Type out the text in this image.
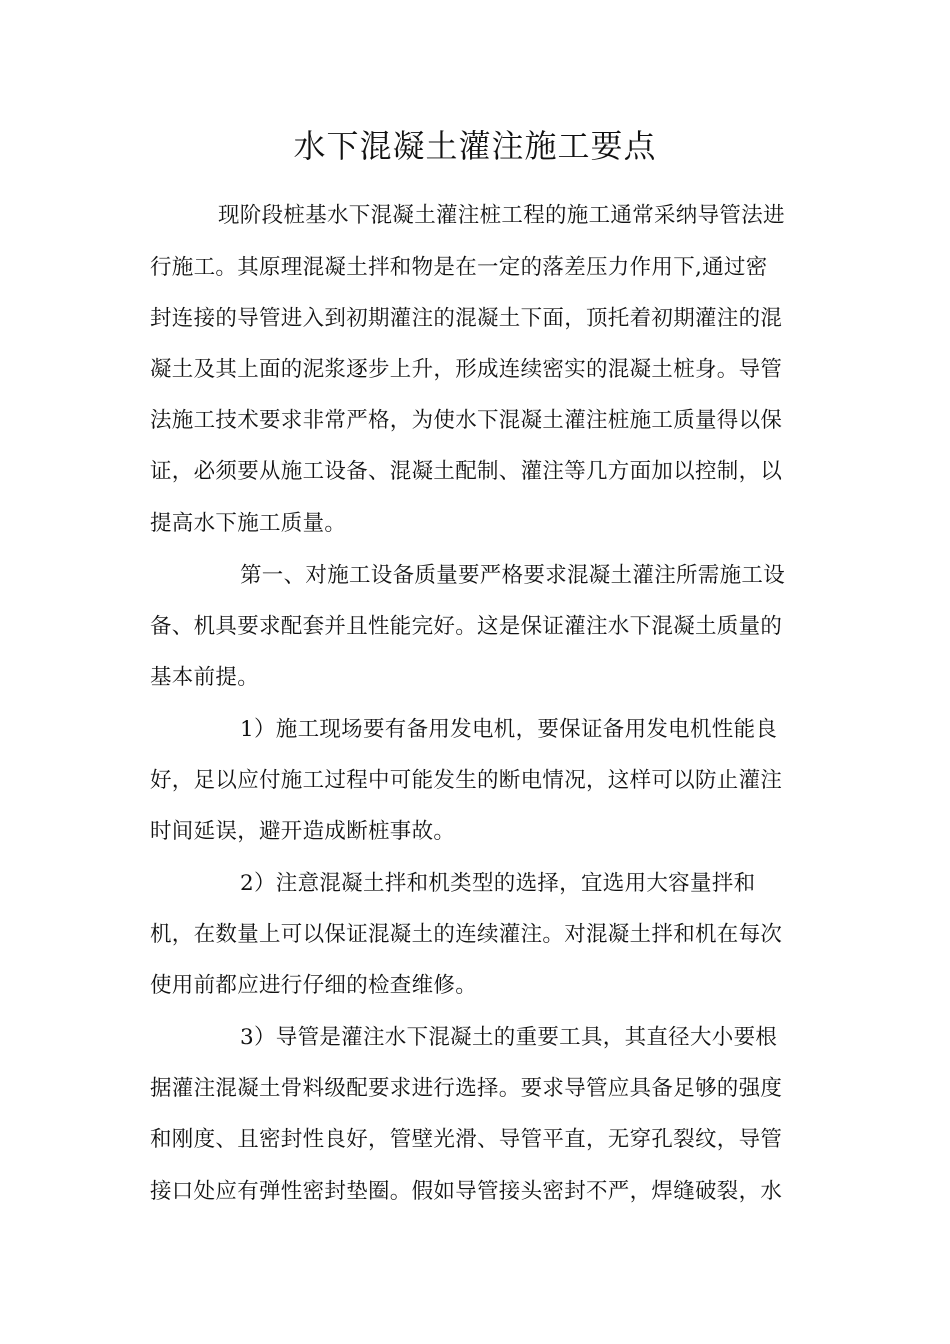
水下混凝土灌注施工要点
现阶段桩基水下混凝土灌注桩工程的施工通常采纳导管法进
行施工。其原理混凝土拌和物是在一定的落差压力作用下,通过密
封连接的导管进入到初期灌注的混凝土下面，顶托着初期灌注的混
凝土及其上面的泥浆逐步上升，形成连续密实的混凝土桩身。导管
法施工技术要求非常严格，为使水下混凝土灌注桩施工质量得以保
证，必须要从施工设备、混凝土配制、灌注等几方面加以控制，以
提高水下施工质量。
第一、对施工设备质量要严格要求混凝土灌注所需施工设
备、机具要求配套并且性能完好。这是保证灌注水下混凝土质量的
基本前提。
1）施工现场要有备用发电机，要保证备用发电机性能良
好，足以应付施工过程中可能发生的断电情况，这样可以防止灌注
时间延误，避开造成断桩事故。
2）注意混凝土拌和机类型的选择，宜选用大容量拌和
机，在数量上可以保证混凝土的连续灌注。对混凝土拌和机在每次
使用前都应进行仔细的检查维修。
3）导管是灌注水下混凝土的重要工具，其直径大小要根
据灌注混凝土骨料级配要求进行选择。要求导管应具备足够的强度
和刚度、且密封性良好，管壁光滑、导管平直，无穿孔裂纹，导管
接口处应有弹性密封垫圈。假如导管接头密封不严，焊缝破裂，水
